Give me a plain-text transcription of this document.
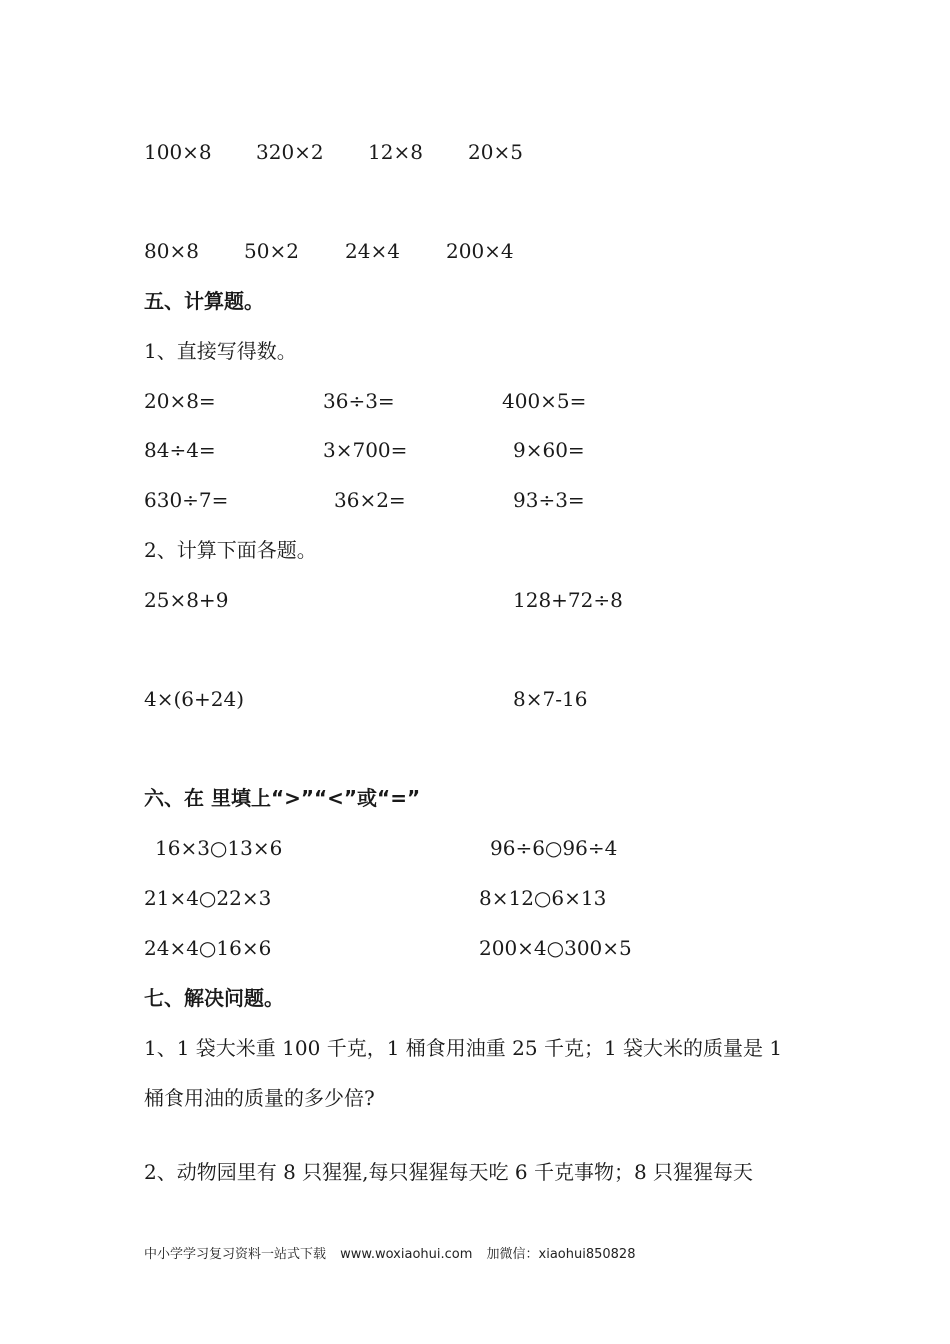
100×8 320×2 12×8 20×5
80×8 50×2 24×4 200×4
五、计算题。
1、直接写得数。
20×8=	36÷3=	400×5=
84÷4=	3×700=	9×60=
630÷7=	36×2=	93÷3=
2、计算下面各题。
25×8+9	128+72÷8
4×(6+24)	8×7-16
六、在 里填上“>”“<”或“=”
16×3○13×6	96÷6○96÷4
21×4○22×3	8×12○6×13
24×4○16×6	200×4○300×5
七、解决问题。
1、1 袋大米重 100 千克，1 桶食用油重 25 千克；1 袋大米的质量是 1
桶食用油的质量的多少倍?
2、动物园里有 8 只猩猩,每只猩猩每天吃 6 千克事物；8 只猩猩每天
中小学学习复习资料一站式下载 www.woxiaohui.com 加微信：xiaohui850828
